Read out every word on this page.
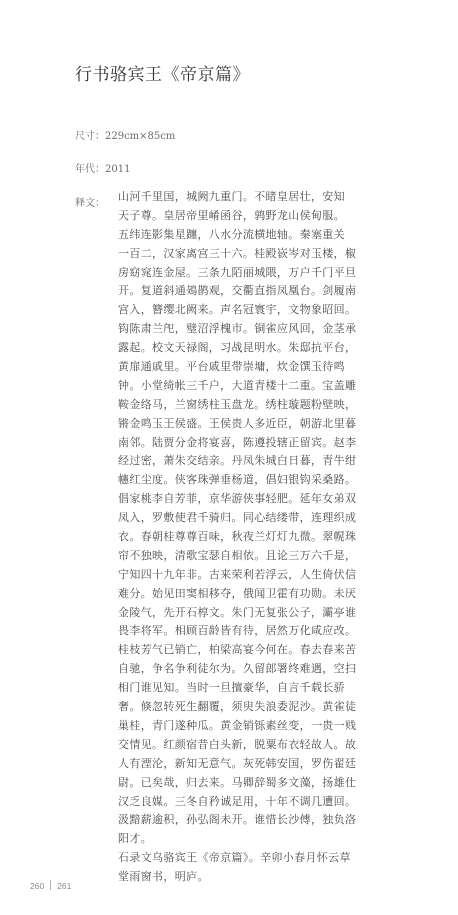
行书骆宾王《帝京篇》
尺寸：229cm×85cm
年代：2011
释文：
山河千里国，城阙九重门。不睹皇居壮，安知
天子尊。皇居帝里崤函谷，鹑野龙山侯甸服。
五纬连影集星躔，八水分流横地轴。秦塞重关
一百二，汉家离宫三十六。桂殿嵚岑对玉楼，椒
房窈窕连金屋。三条九陌丽城隈，万户千门平旦
开。复道斜通鳷鹊观，交衢直指凤凰台。剑履南
宫入，簪缨北阙来。声名冠寰宇，文物象昭回。
钩陈肃兰戺，璧沼浮槐市。铜雀应风回，金茎承
露起。校文天禄阁，习战昆明水。朱邸抗平台，
黄扉通戚里。平台戚里带崇墉，炊金馔玉待鸣
钟。小堂绮帐三千户，大道青楼十二重。宝盖雕
鞍金络马，兰窗绣柱玉盘龙。绣柱璇题粉壁映，
锵金鸣玉王侯盛。王侯贵人多近臣，朝游北里暮
南邻。陆贾分金将宴喜，陈遵投辖正留宾。赵李
经过密，萧朱交结亲。丹凤朱城白日暮，青牛绀
幰红尘度。侠客珠弹垂杨道，倡妇银钩采桑路。
倡家桃李自芳菲，京华游侠事轻肥。延年女弟双
凤入，罗敷使君千骑归。同心结缕带，连理织成
衣。春朝桂尊尊百味，秋夜兰灯灯九微。翠幌珠
帘不独映，清歌宝瑟自相依。且论三万六千是，
宁知四十九年非。古来荣利若浮云，人生倚伏信
难分。始见田窦相移夺，俄闻卫霍有功勋。未厌
金陵气，先开石椁文。朱门无复张公子，灞亭谁
畏李将军。相顾百龄皆有待，居然万化咸应改。
桂枝芳气已销亡，柏梁高宴今何在。春去春来苦
自驰，争名争利徒尔为。久留郎署终难遇，空扫
相门谁见知。当时一旦擅豪华，自言千载长骄
奢。倏忽转死生翻覆，须臾失浪委泥沙。黄雀徒
巢桂，青门遂种瓜。黄金销铄素丝变，一贵一贱
交情见。红颜宿昔白头新，脱粟布衣轻故人。故
人有湮沦，新知无意气。灰死韩安国，罗伤翟廷
尉。已矣哉，归去来。马卿辞蜀多文藻，扬雄仕
汉乏良媒。三冬自矜诚足用，十年不调几遭回。
汲黯薪逾积，孙弘阁未开。谁惜长沙傅，独负洛
阳才。
石录文乌骆宾王《帝京篇》。辛卯小春月怀云草
堂雨窗书，明庐。
260 261
